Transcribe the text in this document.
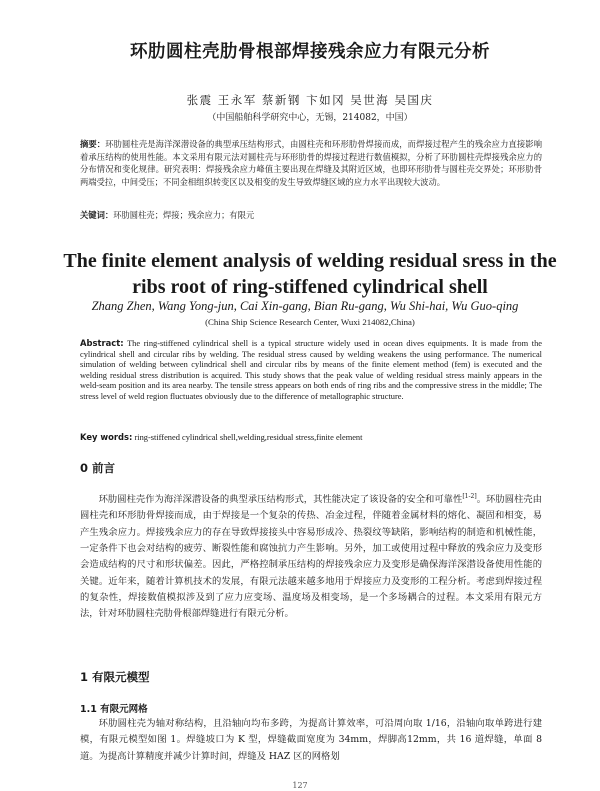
环肋圆柱壳肋骨根部焊接残余应力有限元分析
张震 王永军 蔡新钢 卞如冈 吴世海 吴国庆
（中国船舶科学研究中心，无锡，214082，中国）
摘要：环肋圆柱壳是海洋深潜设备的典型承压结构形式，由圆柱壳和环形肋骨焊接而成，而焊接过程产生的残余应力直接影响着承压结构的使用性能。本文采用有限元法对圆柱壳与环形肋骨的焊接过程进行数值模拟，分析了环肋圆柱壳焊接残余应力的分布情况和变化规律。研究表明：焊接残余应力峰值主要出现在焊缝及其附近区域，也即环形肋骨与圆柱壳交界处；环形肋骨两端受拉，中间受压；不同金相组织转变区以及相变的发生导致焊缝区域的应力水平出现较大波动。
关键词：环肋圆柱壳；焊接；残余应力；有限元
The finite element analysis of welding residual sress in the ribs root of ring-stiffened cylindrical shell
Zhang Zhen, Wang Yong-jun, Cai Xin-gang, Bian Ru-gang, Wu Shi-hai, Wu Guo-qing
(China Ship Science Research Center, Wuxi 214082,China)
Abstract: The ring-stiffened cylindrical shell is a typical structure widely used in ocean dives equipments. It is made from the cylindrical shell and circular ribs by welding. The residual stress caused by welding weakens the using performance. The numerical simulation of welding between cylindrical shell and circular ribs by means of the finite element method (fem) is executed and the welding residual stress distribution is acquired. This study shows that the peak value of welding residual stress mainly appears in the weld-seam position and its area nearby. The tensile stress appears on both ends of ring ribs and the compressive stress in the middle; The stress level of weld region fluctuates obviously due to the difference of metallographic structure.
Key words: ring-stiffened cylindrical shell,welding,residual stress,finite element
0 前言
环肋圆柱壳作为海洋深潜设备的典型承压结构形式，其性能决定了该设备的安全和可靠性[1-2]。环肋圆柱壳由圆柱壳和环形肋骨焊接而成，由于焊接是一个复杂的传热、冶金过程，伴随着金属材料的熔化、凝固和相变，易产生残余应力。焊接残余应力的存在导致焊接接头中容易形成冷、热裂纹等缺陷，影响结构的制造和机械性能，一定条件下也会对结构的疲劳、断裂性能和腐蚀抗力产生影响。另外，加工或使用过程中释放的残余应力及变形会造成结构的尺寸和形状偏差。因此，严格控制承压结构的焊接残余应力及变形是确保海洋深潜设备使用性能的关键。近年来，随着计算机技术的发展，有限元法越来越多地用于焊接应力及变形的工程分析。考虑到焊接过程的复杂性，焊接数值模拟涉及到了应力应变场、温度场及相变场，是一个多场耦合的过程。本文采用有限元方法，针对环肋圆柱壳肋骨根部焊缝进行有限元分析。
1 有限元模型
1.1 有限元网格
环肋圆柱壳为轴对称结构，且沿轴向均布多跨，为提高计算效率，可沿周向取 1/16，沿轴向取单跨进行建模，有限元模型如图 1。焊缝坡口为 K 型，焊缝截面宽度为 34mm，焊脚高12mm，共 16 道焊缝，单面 8 道。为提高计算精度并减少计算时间，焊缝及 HAZ 区的网格划
127
